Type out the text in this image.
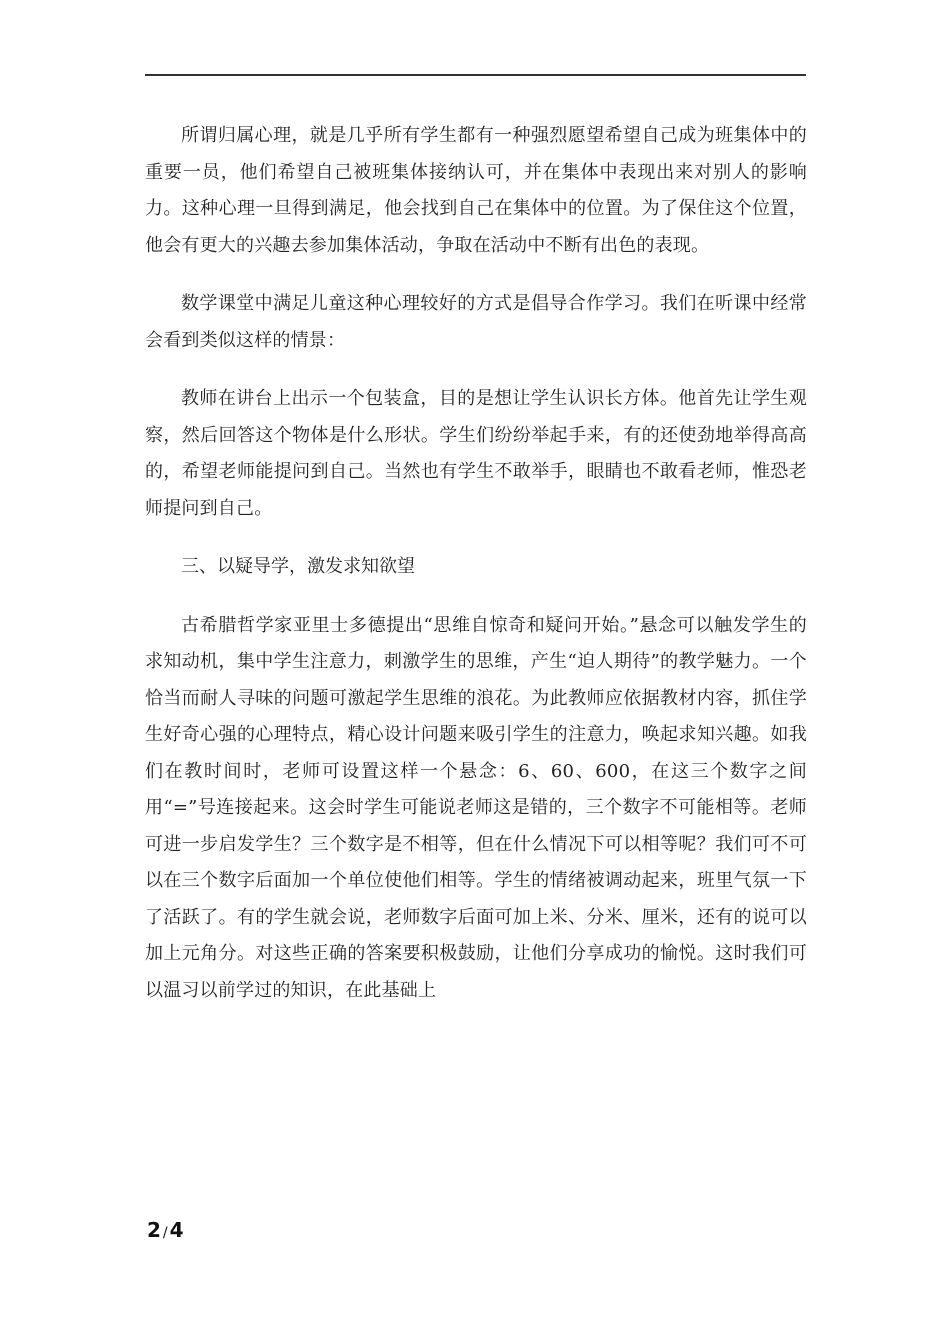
所谓归属心理，就是几乎所有学生都有一种强烈愿望希望自己成为班集体中的重要一员，他们希望自己被班集体接纳认可，并在集体中表现出来对别人的影响力。这种心理一旦得到满足，他会找到自己在集体中的位置。为了保住这个位置，他会有更大的兴趣去参加集体活动，争取在活动中不断有出色的表现。

数学课堂中满足儿童这种心理较好的方式是倡导合作学习。我们在听课中经常会看到类似这样的情景：

教师在讲台上出示一个包装盒，目的是想让学生认识长方体。他首先让学生观察，然后回答这个物体是什么形状。学生们纷纷举起手来，有的还使劲地举得高高的，希望老师能提问到自己。当然也有学生不敢举手，眼睛也不敢看老师，惟恐老师提问到自己。

三、以疑导学，激发求知欲望

古希腊哲学家亚里士多德提出“思维自惊奇和疑问开始。”悬念可以触发学生的求知动机，集中学生注意力，刺激学生的思维，产生“迫人期待”的教学魅力。一个恰当而耐人寻味的问题可激起学生思维的浪花。为此教师应依据教材内容，抓住学生好奇心强的心理特点，精心设计问题来吸引学生的注意力，唤起求知兴趣。如我们在教时间时，老师可设置这样一个悬念：6、60、600，在这三个数字之间用“=”号连接起来。这会时学生可能说老师这是错的，三个数字不可能相等。老师可进一步启发学生？三个数字是不相等，但在什么情况下可以相等呢？我们可不可以在三个数字后面加一个单位使他们相等。学生的情绪被调动起来，班里气氛一下了活跃了。有的学生就会说，老师数字后面可加上米、分米、厘米，还有的说可以加上元角分。对这些正确的答案要积极鼓励，让他们分享成功的愉悦。这时我们可以温习以前学过的知识，在此基础上

2 / 4
